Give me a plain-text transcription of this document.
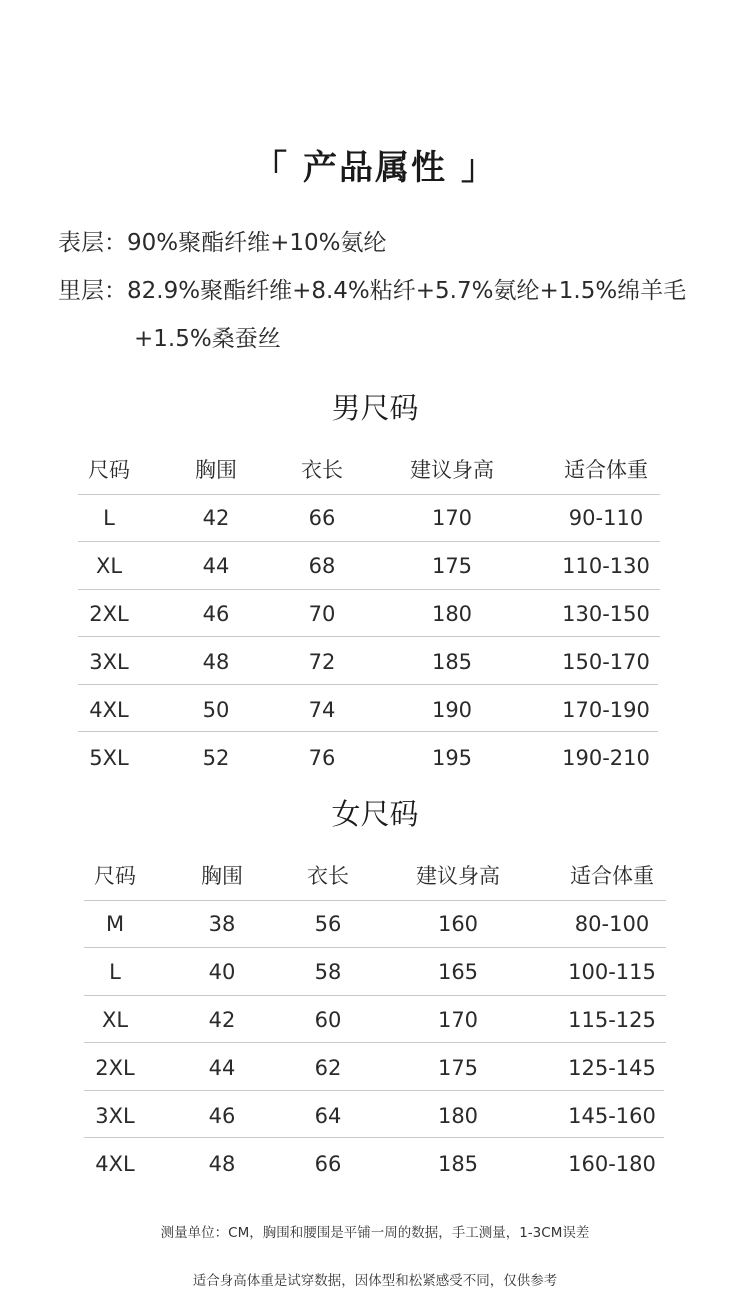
「 产品属性 」
表层：90%聚酯纤维+10%氨纶
里层：82.9%聚酯纤维+8.4%粘纤+5.7%氨纶+1.5%绵羊毛
+1.5%桑蚕丝
男尺码
尺码	胸围	衣长	建议身高	适合体重
L	42	66	170	90-110
XL	44	68	175	110-130
2XL	46	70	180	130-150
3XL	48	72	185	150-170
4XL	50	74	190	170-190
5XL	52	76	195	190-210
女尺码
尺码	胸围	衣长	建议身高	适合体重
M	38	56	160	80-100
L	40	58	165	100-115
XL	42	60	170	115-125
2XL	44	62	175	125-145
3XL	46	64	180	145-160
4XL	48	66	185	160-180
测量单位：CM，胸围和腰围是平铺一周的数据，手工测量，1-3CM误差
适合身高体重是试穿数据，因体型和松紧感受不同，仅供参考
